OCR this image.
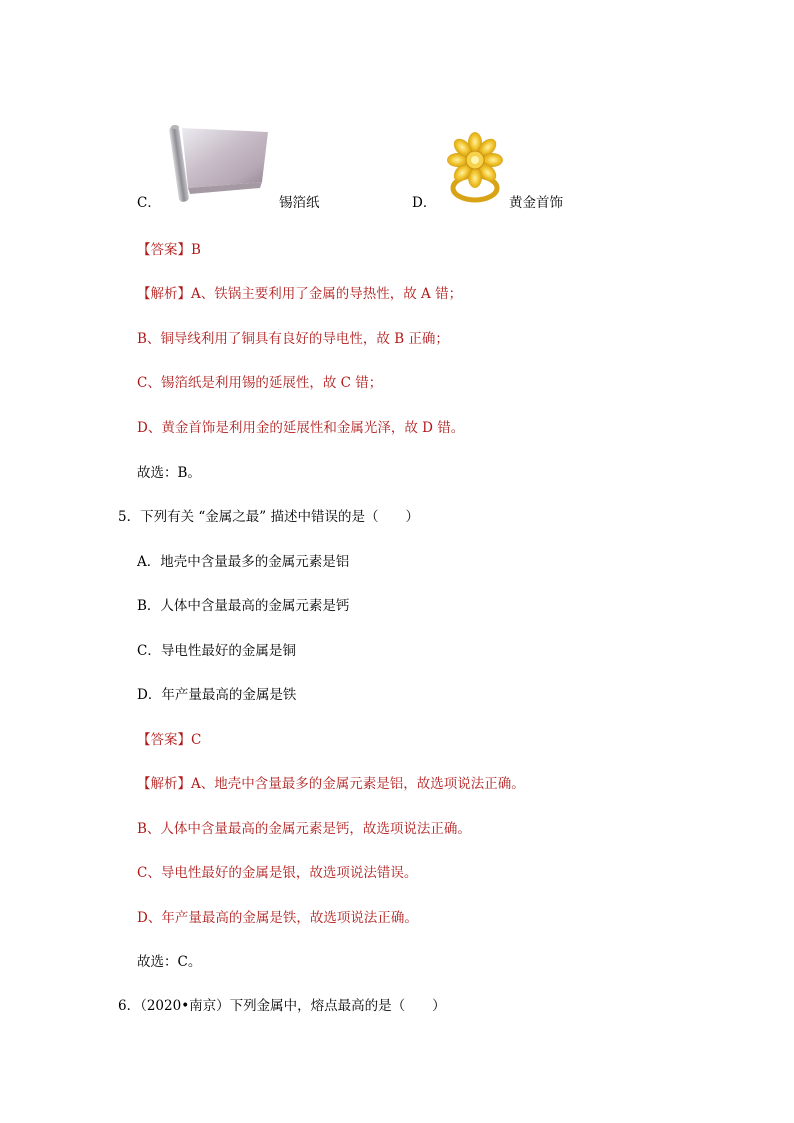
C．	锡箔纸	D．	黄金首饰
【答案】B
【解析】A、铁锅主要利用了金属的导热性，故 A 错；
B、铜导线利用了铜具有良好的导电性，故 B 正确；
C、锡箔纸是利用锡的延展性，故 C 错；
D、黄金首饰是利用金的延展性和金属光泽，故 D 错。
故选：B。
5．下列有关 “金属之最” 描述中错误的是（　　）
A．地壳中含量最多的金属元素是铝
B．人体中含量最高的金属元素是钙
C．导电性最好的金属是铜
D．年产量最高的金属是铁
【答案】C
【解析】A、地壳中含量最多的金属元素是铝，故选项说法正确。
B、人体中含量最高的金属元素是钙，故选项说法正确。
C、导电性最好的金属是银，故选项说法错误。
D、年产量最高的金属是铁，故选项说法正确。
故选：C。
6．（2020•南京）下列金属中，熔点最高的是（　　）
